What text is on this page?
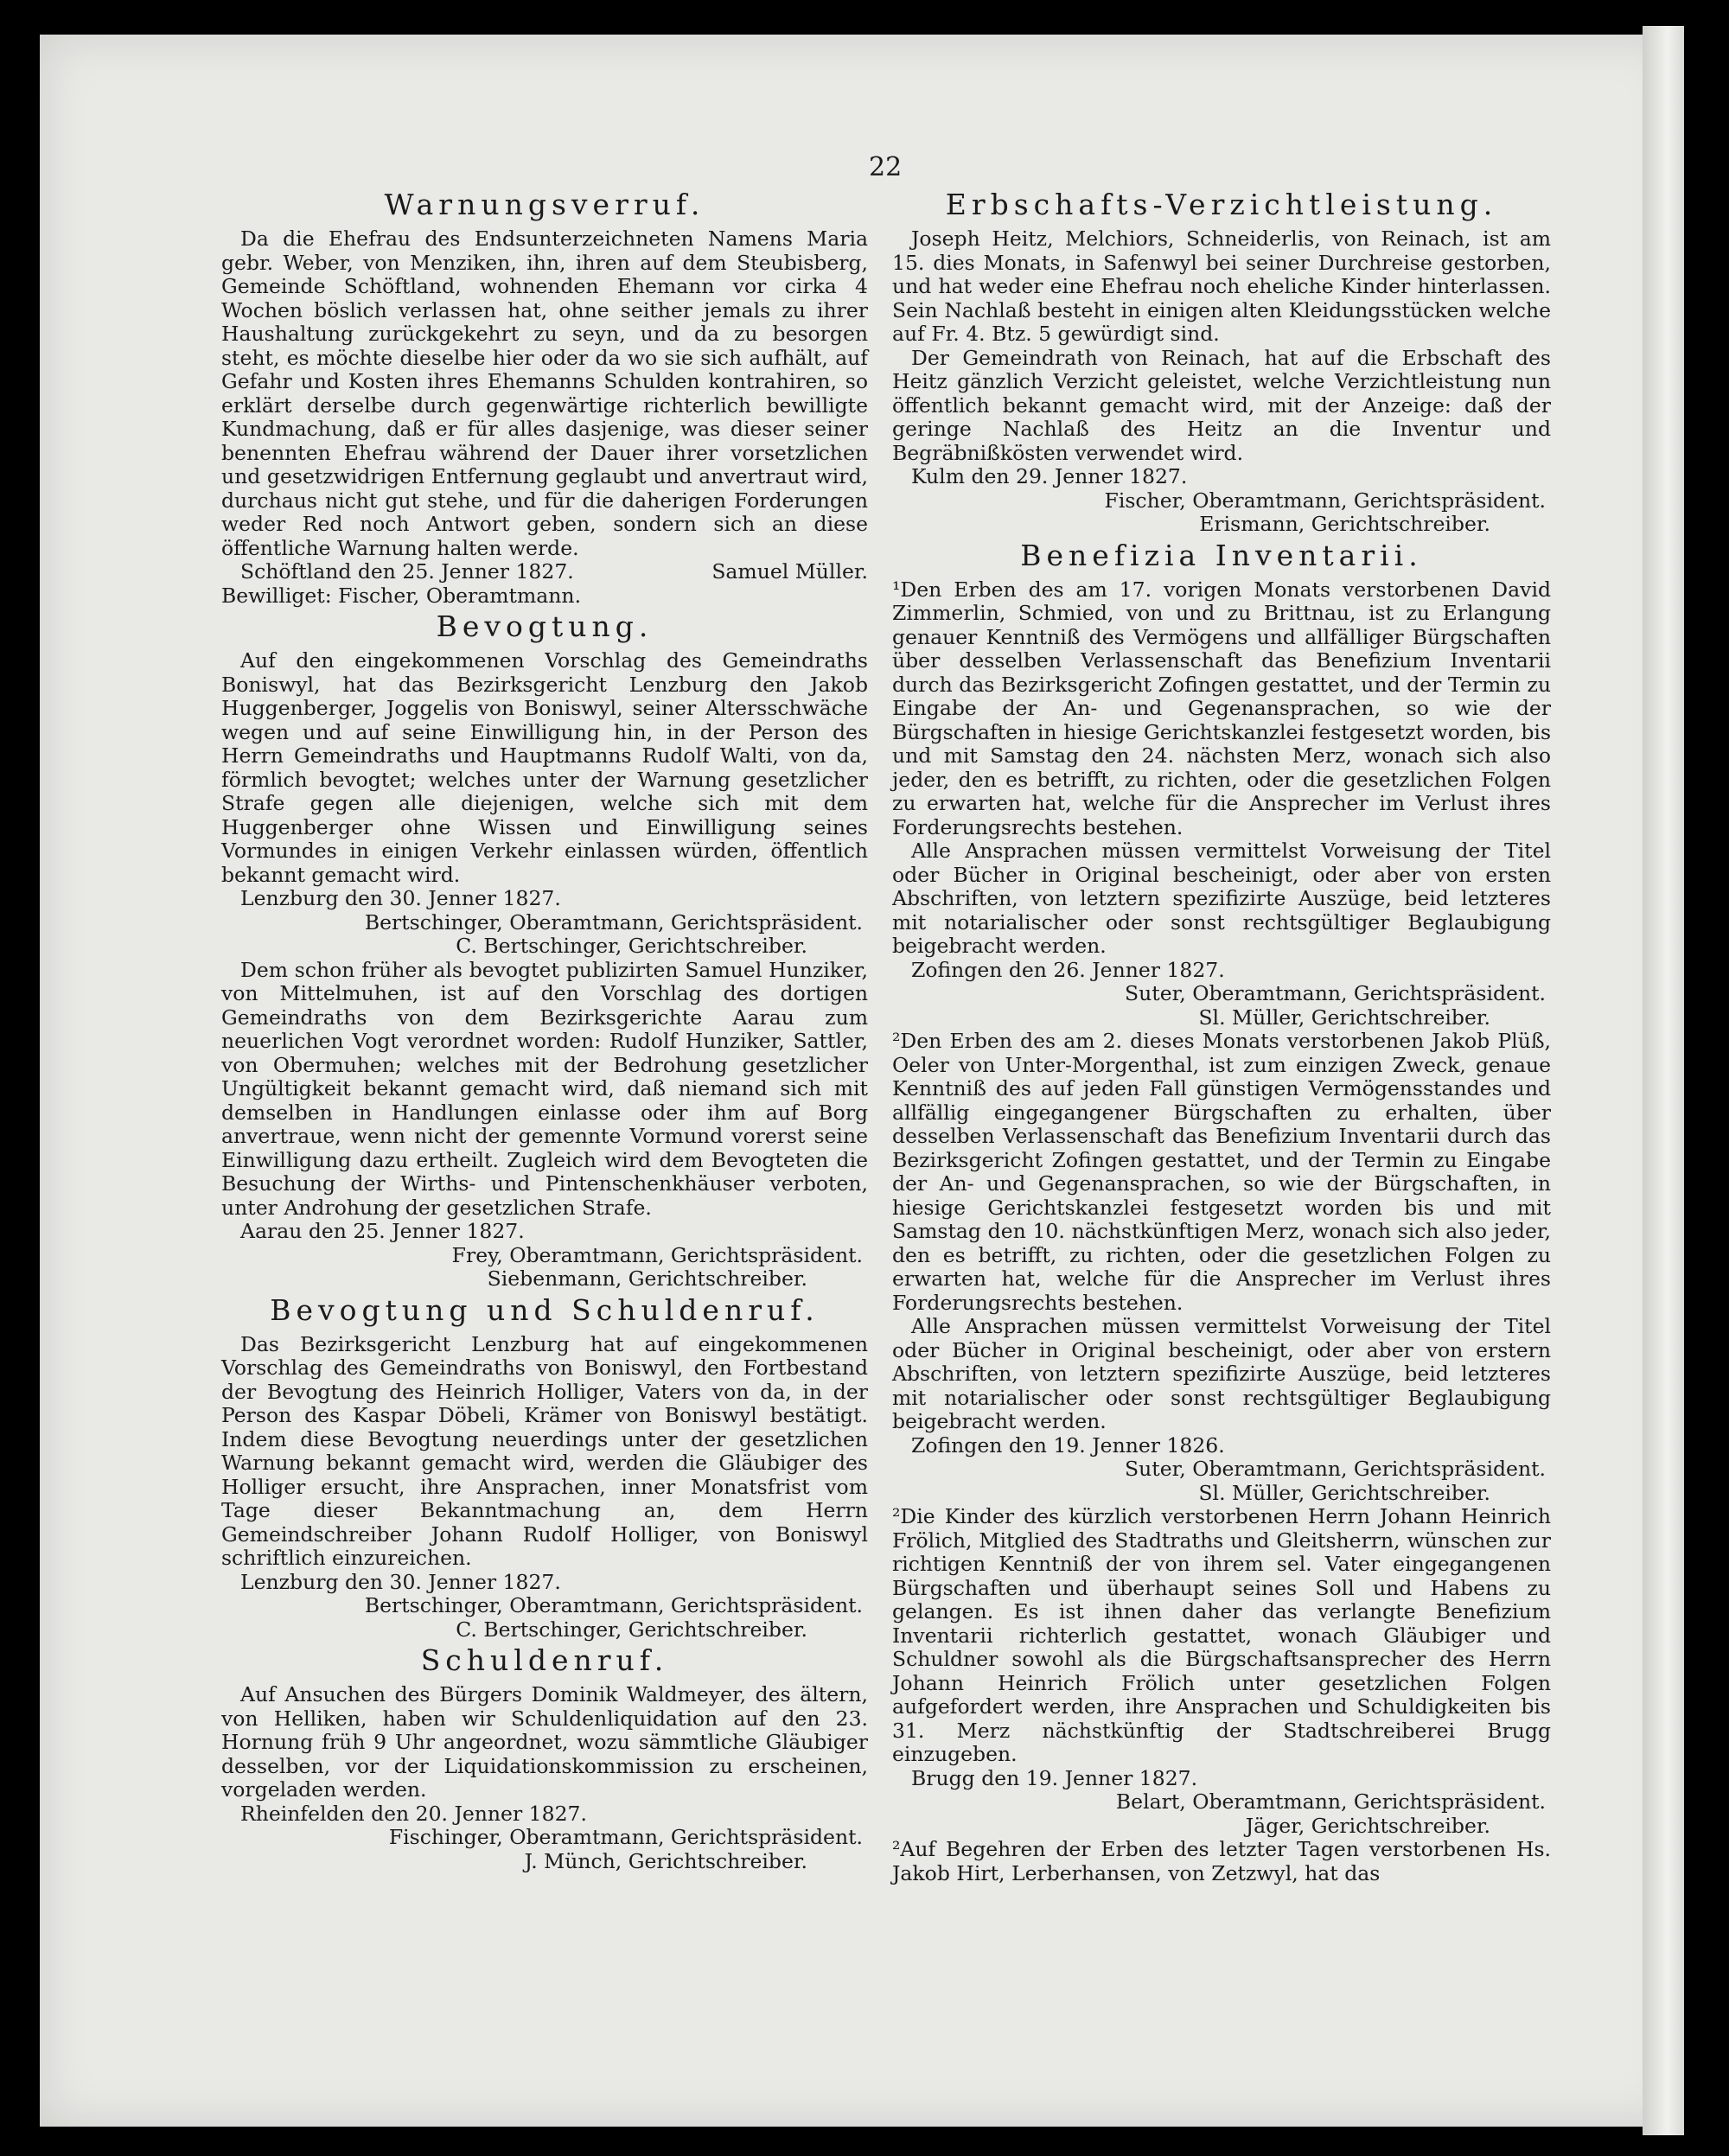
22
Warnungsverruf.

Da die Ehefrau des Endsunterzeichneten Namens Maria gebr. Weber, von Menziken, ihn, ihren auf dem Steubisberg, Gemeinde Schöftland, wohnenden Ehemann vor cirka 4 Wochen böslich verlassen hat, ohne seither jemals zu ihrer Haushaltung zurückgekehrt zu seyn, und da zu besorgen steht, es möchte dieselbe hier oder da wo sie sich aufhält, auf Gefahr und Kosten ihres Ehemanns Schulden kontrahiren, so erklärt derselbe durch gegenwärtige richterlich bewilligte Kundmachung, daß er für alles dasjenige, was dieser seiner benennten Ehefrau während der Dauer ihrer vorsetzlichen und gesetzwidrigen Entfernung geglaubt und anvertraut wird, durchaus nicht gut stehe, und für die daherigen Forderungen weder Red noch Antwort geben, sondern sich an diese öffentliche Warnung halten werde.

Schöftland den 25. Jenner 1827.	Samuel Müller.

Bewilliget: Fischer, Oberamtmann.

Bevogtung.

Auf den eingekommenen Vorschlag des Gemeindraths Boniswyl, hat das Bezirksgericht Lenzburg den Jakob Huggenberger, Joggelis von Boniswyl, seiner Altersschwäche wegen und auf seine Einwilligung hin, in der Person des Herrn Gemeindraths und Hauptmanns Rudolf Walti, von da, förmlich bevogtet; welches unter der Warnung gesetzlicher Strafe gegen alle diejenigen, welche sich mit dem Huggenberger ohne Wissen und Einwilligung seines Vormundes in einigen Verkehr einlassen würden, öffentlich bekannt gemacht wird.

Lenzburg den 30. Jenner 1827.

Bertschinger, Oberamtmann, Gerichtspräsident.

C. Bertschinger, Gerichtschreiber.

Dem schon früher als bevogtet publizirten Samuel Hunziker, von Mittelmuhen, ist auf den Vorschlag des dortigen Gemeindraths von dem Bezirksgerichte Aarau zum neuerlichen Vogt verordnet worden: Rudolf Hunziker, Sattler, von Obermuhen; welches mit der Bedrohung gesetzlicher Ungültigkeit bekannt gemacht wird, daß niemand sich mit demselben in Handlungen einlasse oder ihm auf Borg anvertraue, wenn nicht der gemennte Vormund vorerst seine Einwilligung dazu ertheilt. Zugleich wird dem Bevogteten die Besuchung der Wirths- und Pintenschenkhäuser verboten, unter Androhung der gesetzlichen Strafe.

Aarau den 25. Jenner 1827.

Frey, Oberamtmann, Gerichtspräsident.

Siebenmann, Gerichtschreiber.

Bevogtung und Schuldenruf.

Das Bezirksgericht Lenzburg hat auf eingekommenen Vorschlag des Gemeindraths von Boniswyl, den Fortbestand der Bevogtung des Heinrich Holliger, Vaters von da, in der Person des Kaspar Döbeli, Krämer von Boniswyl bestätigt. Indem diese Bevogtung neuerdings unter der gesetzlichen Warnung bekannt gemacht wird, werden die Gläubiger des Holliger ersucht, ihre Ansprachen, inner Monatsfrist vom Tage dieser Bekanntmachung an, dem Herrn Gemeindschreiber Johann Rudolf Holliger, von Boniswyl schriftlich einzureichen.

Lenzburg den 30. Jenner 1827.

Bertschinger, Oberamtmann, Gerichtspräsident.

C. Bertschinger, Gerichtschreiber.

Schuldenruf.

Auf Ansuchen des Bürgers Dominik Waldmeyer, des ältern, von Helliken, haben wir Schuldenliquidation auf den 23. Hornung früh 9 Uhr angeordnet, wozu sämmtliche Gläubiger desselben, vor der Liquidationskommission zu erscheinen, vorgeladen werden.

Rheinfelden den 20. Jenner 1827.

Fischinger, Oberamtmann, Gerichtspräsident.

J. Münch, Gerichtschreiber.

Erbschafts-Verzichtleistung.

Joseph Heitz, Melchiors, Schneiderlis, von Reinach, ist am 15. dies Monats, in Safenwyl bei seiner Durchreise gestorben, und hat weder eine Ehefrau noch eheliche Kinder hinterlassen. Sein Nachlaß besteht in einigen alten Kleidungsstücken welche auf Fr. 4. Btz. 5 gewürdigt sind.

Der Gemeindrath von Reinach, hat auf die Erbschaft des Heitz gänzlich Verzicht geleistet, welche Verzichtleistung nun öffentlich bekannt gemacht wird, mit der Anzeige: daß der geringe Nachlaß des Heitz an die Inventur und Begräbnißkösten verwendet wird.

Kulm den 29. Jenner 1827.

Fischer, Oberamtmann, Gerichtspräsident.

Erismann, Gerichtschreiber.

Benefizia Inventarii.

¹Den Erben des am 17. vorigen Monats verstorbenen David Zimmerlin, Schmied, von und zu Brittnau, ist zu Erlangung genauer Kenntniß des Vermögens und allfälliger Bürgschaften über desselben Verlassenschaft das Benefizium Inventarii durch das Bezirksgericht Zofingen gestattet, und der Termin zu Eingabe der An- und Gegenansprachen, so wie der Bürgschaften in hiesige Gerichtskanzlei festgesetzt worden, bis und mit Samstag den 24. nächsten Merz, wonach sich also jeder, den es betrifft, zu richten, oder die gesetzlichen Folgen zu erwarten hat, welche für die Ansprecher im Verlust ihres Forderungsrechts bestehen.

Alle Ansprachen müssen vermittelst Vorweisung der Titel oder Bücher in Original bescheinigt, oder aber von ersten Abschriften, von letztern spezifizirte Auszüge, beid letzteres mit notarialischer oder sonst rechtsgültiger Beglaubigung beigebracht werden.

Zofingen den 26. Jenner 1827.

Suter, Oberamtmann, Gerichtspräsident.

Sl. Müller, Gerichtschreiber.

²Den Erben des am 2. dieses Monats verstorbenen Jakob Plüß, Oeler von Unter-Morgenthal, ist zum einzigen Zweck, genaue Kenntniß des auf jeden Fall günstigen Vermögensstandes und allfällig eingegangener Bürgschaften zu erhalten, über desselben Verlassenschaft das Benefizium Inventarii durch das Bezirksgericht Zofingen gestattet, und der Termin zu Eingabe der An- und Gegenansprachen, so wie der Bürgschaften, in hiesige Gerichtskanzlei festgesetzt worden bis und mit Samstag den 10. nächstkünftigen Merz, wonach sich also jeder, den es betrifft, zu richten, oder die gesetzlichen Folgen zu erwarten hat, welche für die Ansprecher im Verlust ihres Forderungsrechts bestehen.

Alle Ansprachen müssen vermittelst Vorweisung der Titel oder Bücher in Original bescheinigt, oder aber von erstern Abschriften, von letztern spezifizirte Auszüge, beid letzteres mit notarialischer oder sonst rechtsgültiger Beglaubigung beigebracht werden.

Zofingen den 19. Jenner 1826.

Suter, Oberamtmann, Gerichtspräsident.

Sl. Müller, Gerichtschreiber.

²Die Kinder des kürzlich verstorbenen Herrn Johann Heinrich Frölich, Mitglied des Stadtraths und Gleitsherrn, wünschen zur richtigen Kenntniß der von ihrem sel. Vater eingegangenen Bürgschaften und überhaupt seines Soll und Habens zu gelangen. Es ist ihnen daher das verlangte Benefizium Inventarii richterlich gestattet, wonach Gläubiger und Schuldner sowohl als die Bürgschaftsansprecher des Herrn Johann Heinrich Frölich unter gesetzlichen Folgen aufgefordert werden, ihre Ansprachen und Schuldigkeiten bis 31. Merz nächstkünftig der Stadtschreiberei Brugg einzugeben.

Brugg den 19. Jenner 1827.

Belart, Oberamtmann, Gerichtspräsident.

Jäger, Gerichtschreiber.

²Auf Begehren der Erben des letzter Tagen verstorbenen Hs. Jakob Hirt, Lerberhansen, von Zetzwyl, hat das
